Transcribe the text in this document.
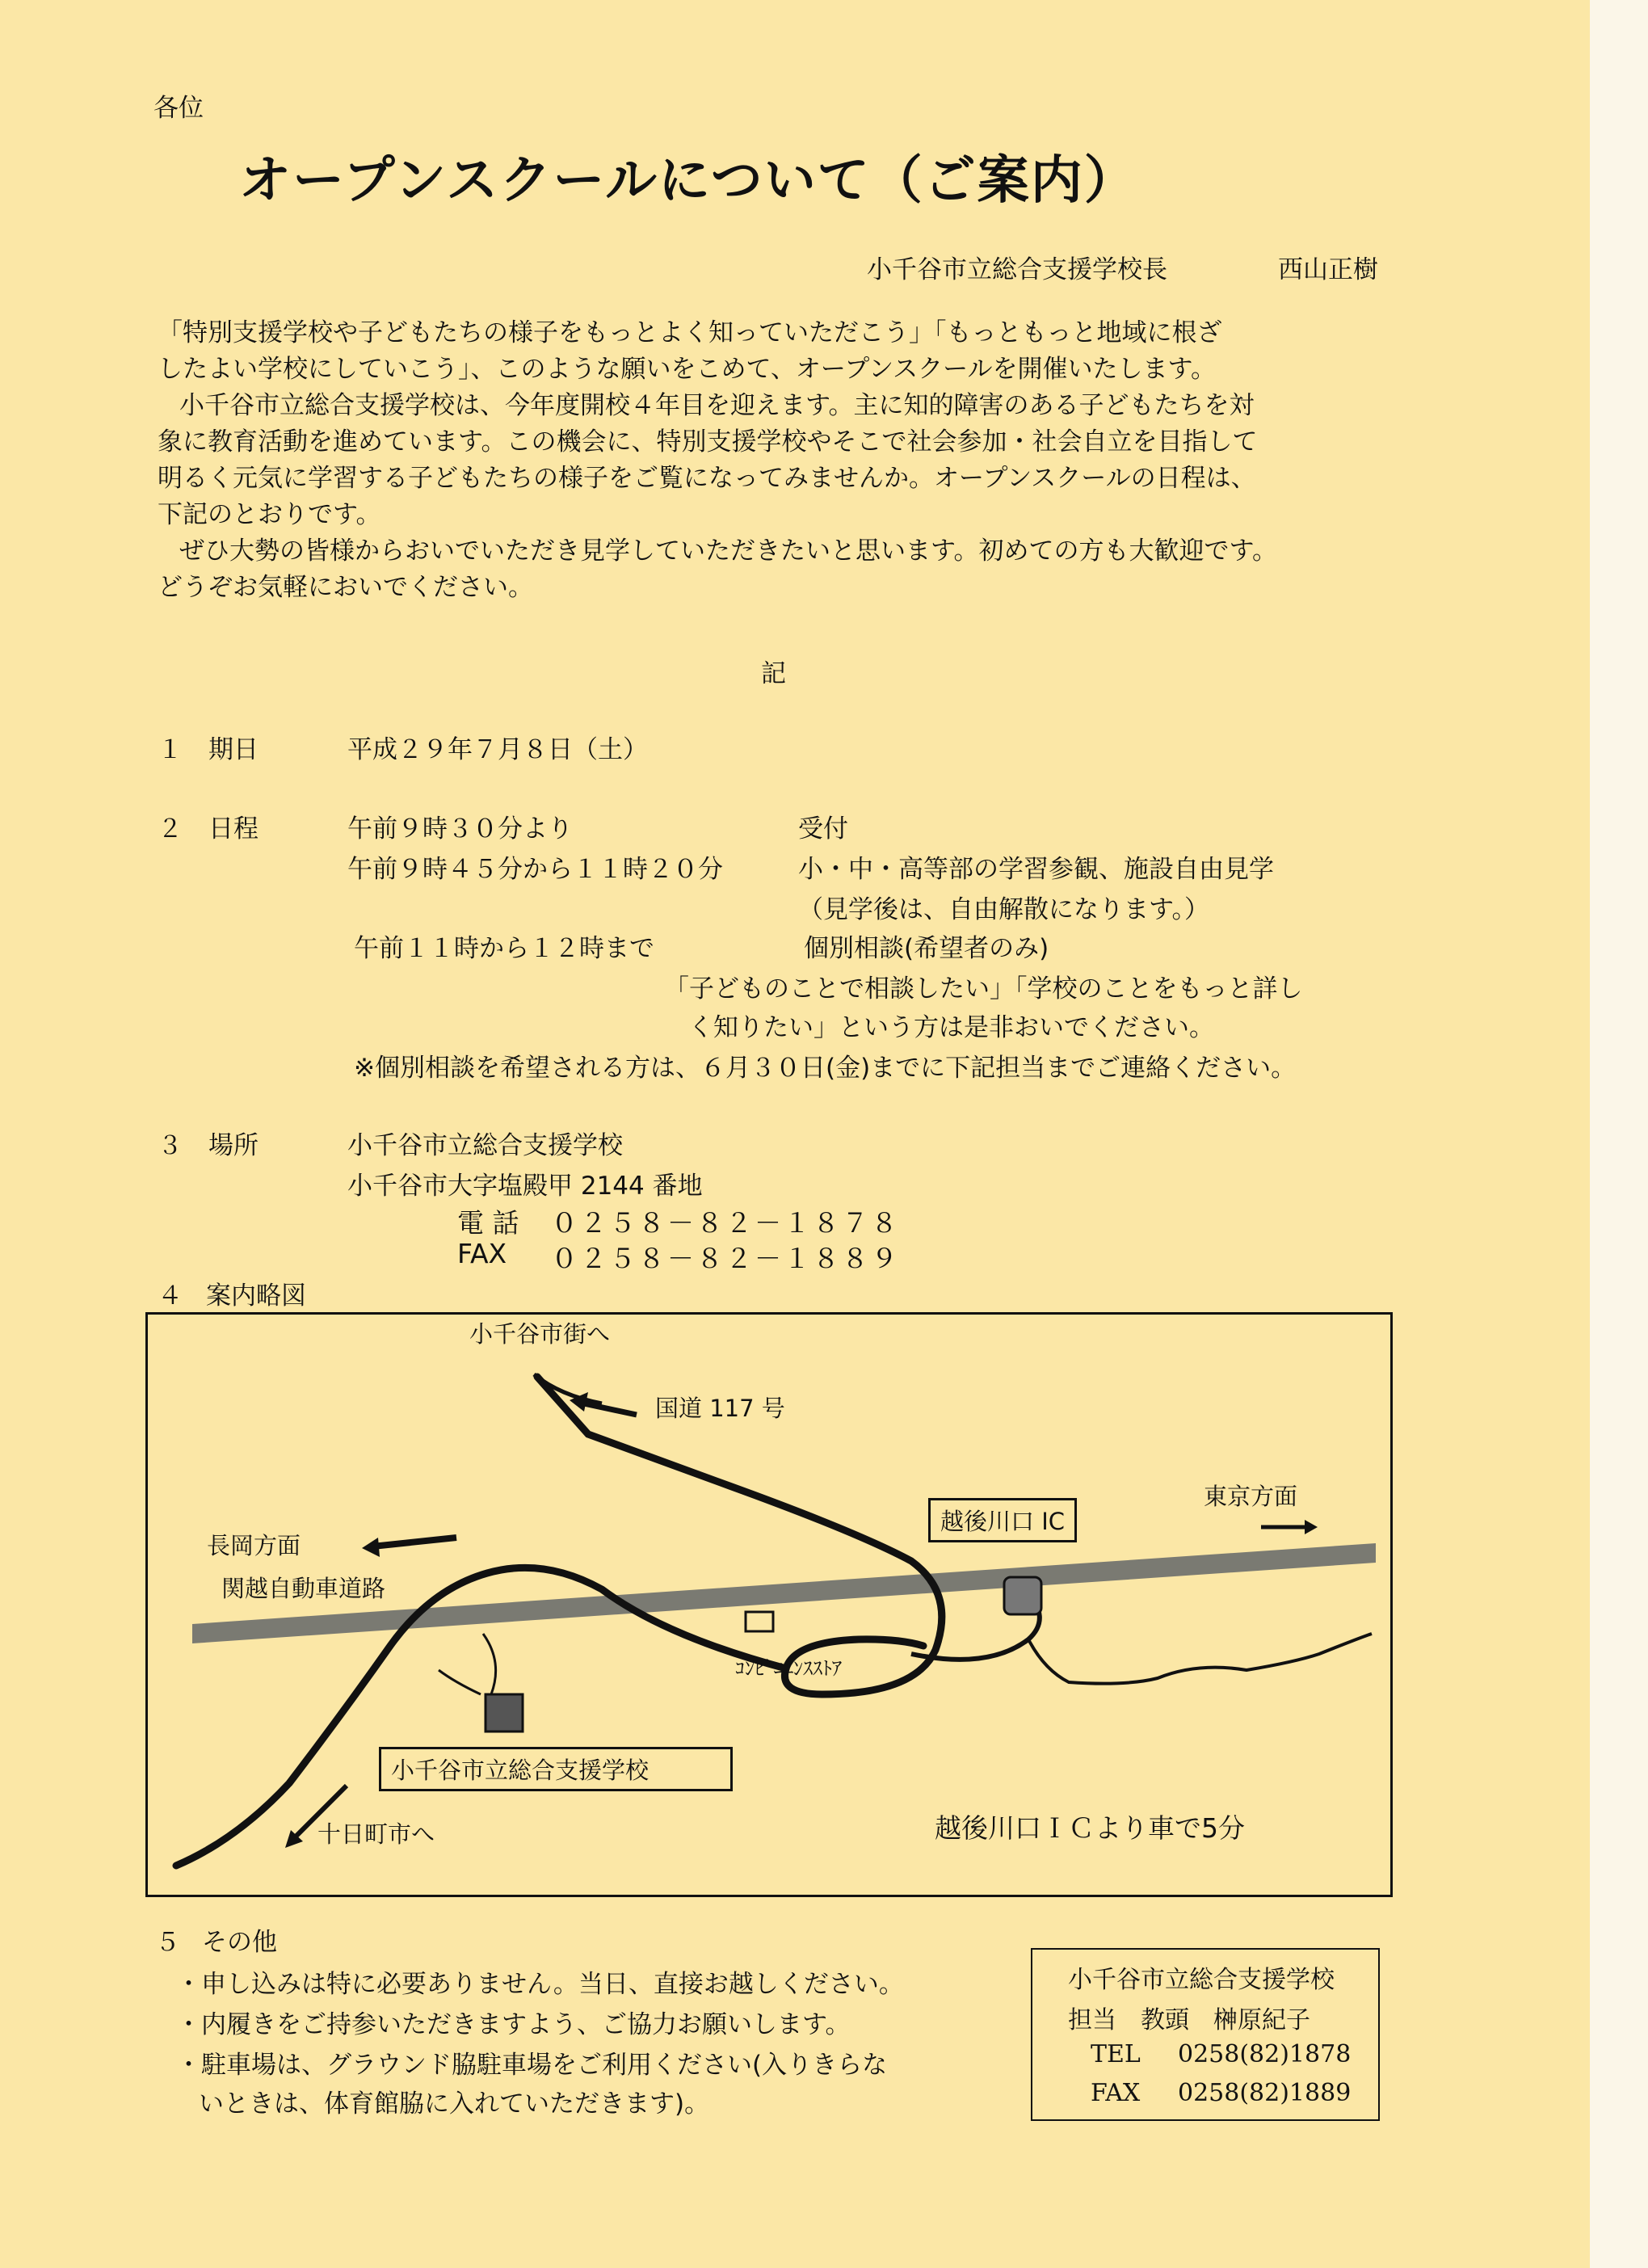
各位
オープンスクールについて（ご案内）
小千谷市立総合支援学校長	西山正樹
「特別支援学校や子どもたちの様子をもっとよく知っていただこう」「もっともっと地域に根ざ
したよい学校にしていこう」、このような願いをこめて、オープンスクールを開催いたします。
小千谷市立総合支援学校は、今年度開校４年目を迎えます。主に知的障害のある子どもたちを対
象に教育活動を進めています。この機会に、特別支援学校やそこで社会参加・社会自立を目指して
明るく元気に学習する子どもたちの様子をご覧になってみませんか。オープンスクールの日程は、
下記のとおりです。
ぜひ大勢の皆様からおいでいただき見学していただきたいと思います。初めての方も大歓迎です。
どうぞお気軽においでください。
記
１ 期日	平成２９年７月８日（土）
２ 日程	午前９時３０分より	受付
午前９時４５分から１１時２０分	小・中・高等部の学習参観、施設自由見学
（見学後は、自由解散になります。）
午前１１時から１２時まで	個別相談(希望者のみ)
「子どものことで相談したい」「学校のことをもっと詳し
く知りたい」という方は是非おいでください。
※個別相談を希望される方は、６月３０日(金)までに下記担当までご連絡ください。
３ 場所	小千谷市立総合支援学校
小千谷市大字塩殿甲 2144 番地
電 話 ０２５８－８２－１８７８
FAX ０２５８－８２－１８８９
４ 案内略図
小千谷市街へ
国道 117 号
越後川口 IC
東京方面
長岡方面
関越自動車道路
ｺﾝﾋﾞﾆｴﾝｽｽﾄｱ
小千谷市立総合支援学校
十日町市へ	越後川口ＩＣより車で5分
５ その他
・申し込みは特に必要ありません。当日、直接お越しください。
・内履きをご持参いただきますよう、ご協力お願いします。
・駐車場は、グラウンド脇駐車場をご利用ください(入りきらな
いときは、体育館脇に入れていただきます)。
小千谷市立総合支援学校
担当　教頭　榊原紀子
TEL 0258(82)1878
FAX 0258(82)1889
